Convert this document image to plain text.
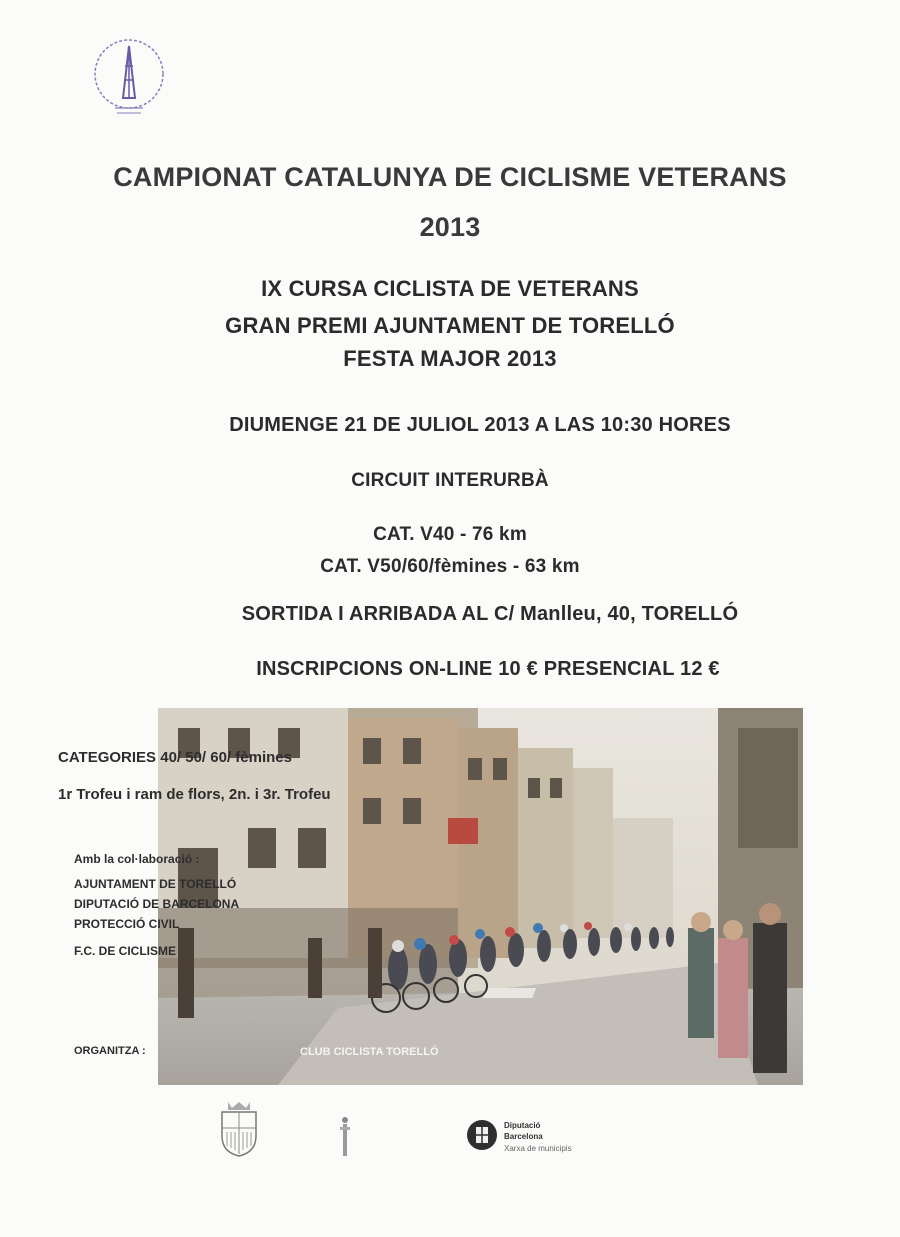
CAMPIONAT CATALUNYA DE CICLISME VETERANS
2013
IX CURSA CICLISTA DE VETERANS
GRAN PREMI AJUNTAMENT DE TORELLÓ
FESTA MAJOR 2013
DIUMENGE 21 DE JULIOL 2013 A LAS 10:30 HORES
CIRCUIT INTERURBÀ
CAT. V40 - 76 km
CAT. V50/60/fèmines - 63 km
SORTIDA I ARRIBADA AL C/ Manlleu, 40, TORELLÓ
INSCRIPCIONS ON-LINE 10 € PRESENCIAL 12 €
CATEGORIES 40/ 50/ 60/ fèmines
1r Trofeu i ram de flors, 2n. i 3r. Trofeu
Amb la col·laboració :
AJUNTAMENT DE TORELLÓ
DIPUTACIÓ DE BARCELONA
PROTECCIÓ CIVIL
F.C. DE CICLISME
ORGANITZA :	CLUB CICLISTA TORELLÓ
Diputació
Barcelona
Xarxa de municipis
